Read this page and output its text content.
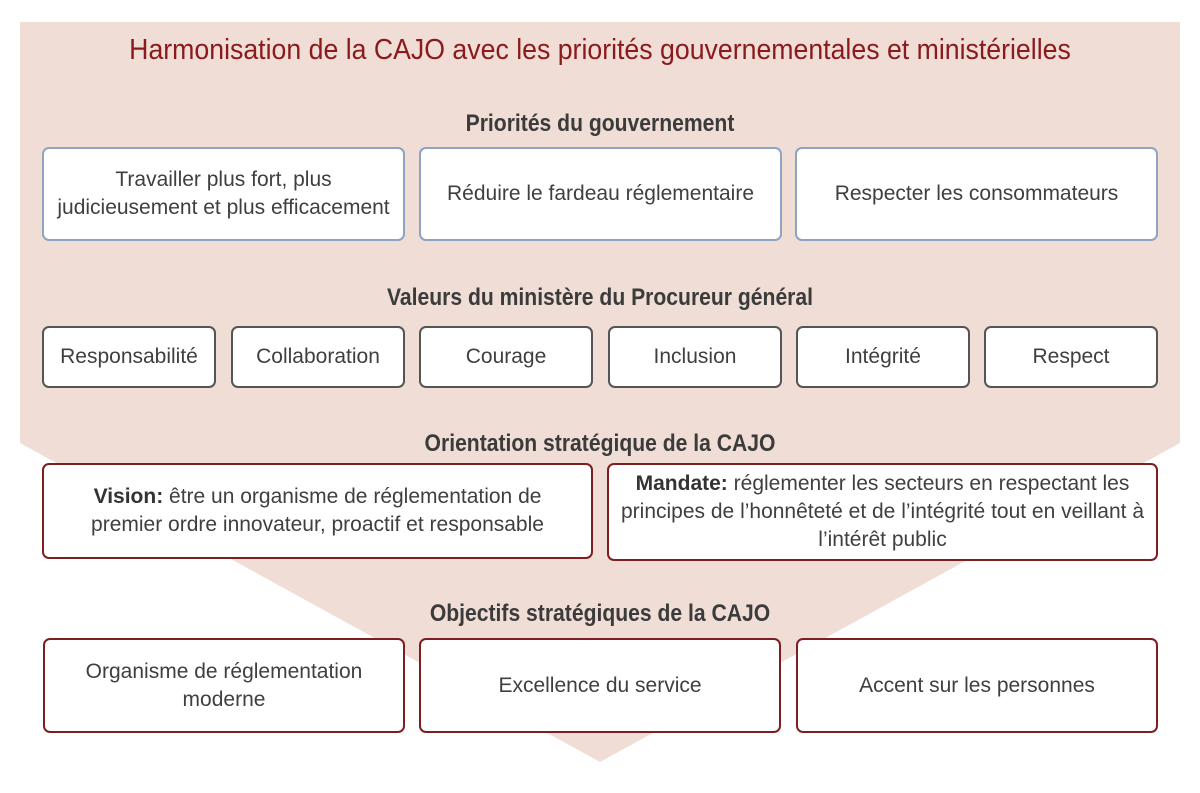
Harmonisation de la CAJO avec les priorités gouvernementales et ministérielles
Priorités du gouvernement
Travailler plus fort, plus judicieusement et plus efficacement
Réduire le fardeau réglementaire	Respecter les consommateurs
Valeurs du ministère du Procureur général
Responsabilité	Collaboration	Courage	Inclusion	Intégrité	Respect
Orientation stratégique de la CAJO
Vision: être un organisme de réglementation de premier ordre innovateur, proactif et responsable
Mandate: réglementer les secteurs en respectant les principes de l’honnêteté et de l’intégrité tout en veillant à l’intérêt public
Objectifs stratégiques de la CAJO
Organisme de réglementation moderne
Excellence du service	Accent sur les personnes
